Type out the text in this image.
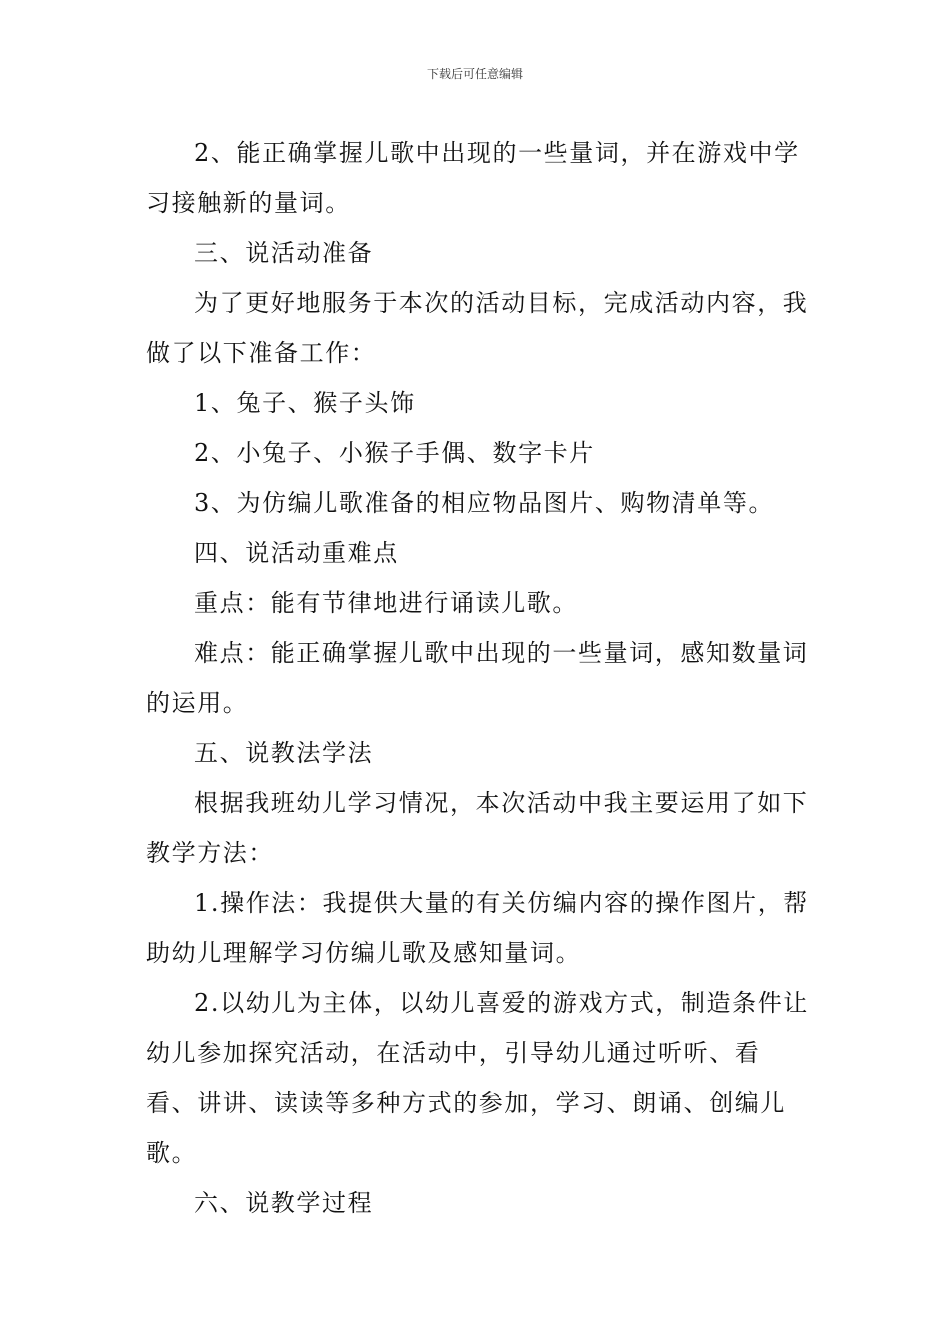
下载后可任意编辑

2、能正确掌握儿歌中出现的一些量词，并在游戏中学习接触新的量词。

三、说活动准备

为了更好地服务于本次的活动目标，完成活动内容，我做了以下准备工作：

1、兔子、猴子头饰

2、小兔子、小猴子手偶、数字卡片

3、为仿编儿歌准备的相应物品图片、购物清单等。

四、说活动重难点

重点：能有节律地进行诵读儿歌。

难点：能正确掌握儿歌中出现的一些量词，感知数量词的运用。

五、说教法学法

根据我班幼儿学习情况，本次活动中我主要运用了如下教学方法：

1.操作法：我提供大量的有关仿编内容的操作图片，帮助幼儿理解学习仿编儿歌及感知量词。

2.以幼儿为主体，以幼儿喜爱的游戏方式，制造条件让幼儿参加探究活动，在活动中，引导幼儿通过听听、看看、讲讲、读读等多种方式的参加，学习、朗诵、创编儿歌。

六、说教学过程
